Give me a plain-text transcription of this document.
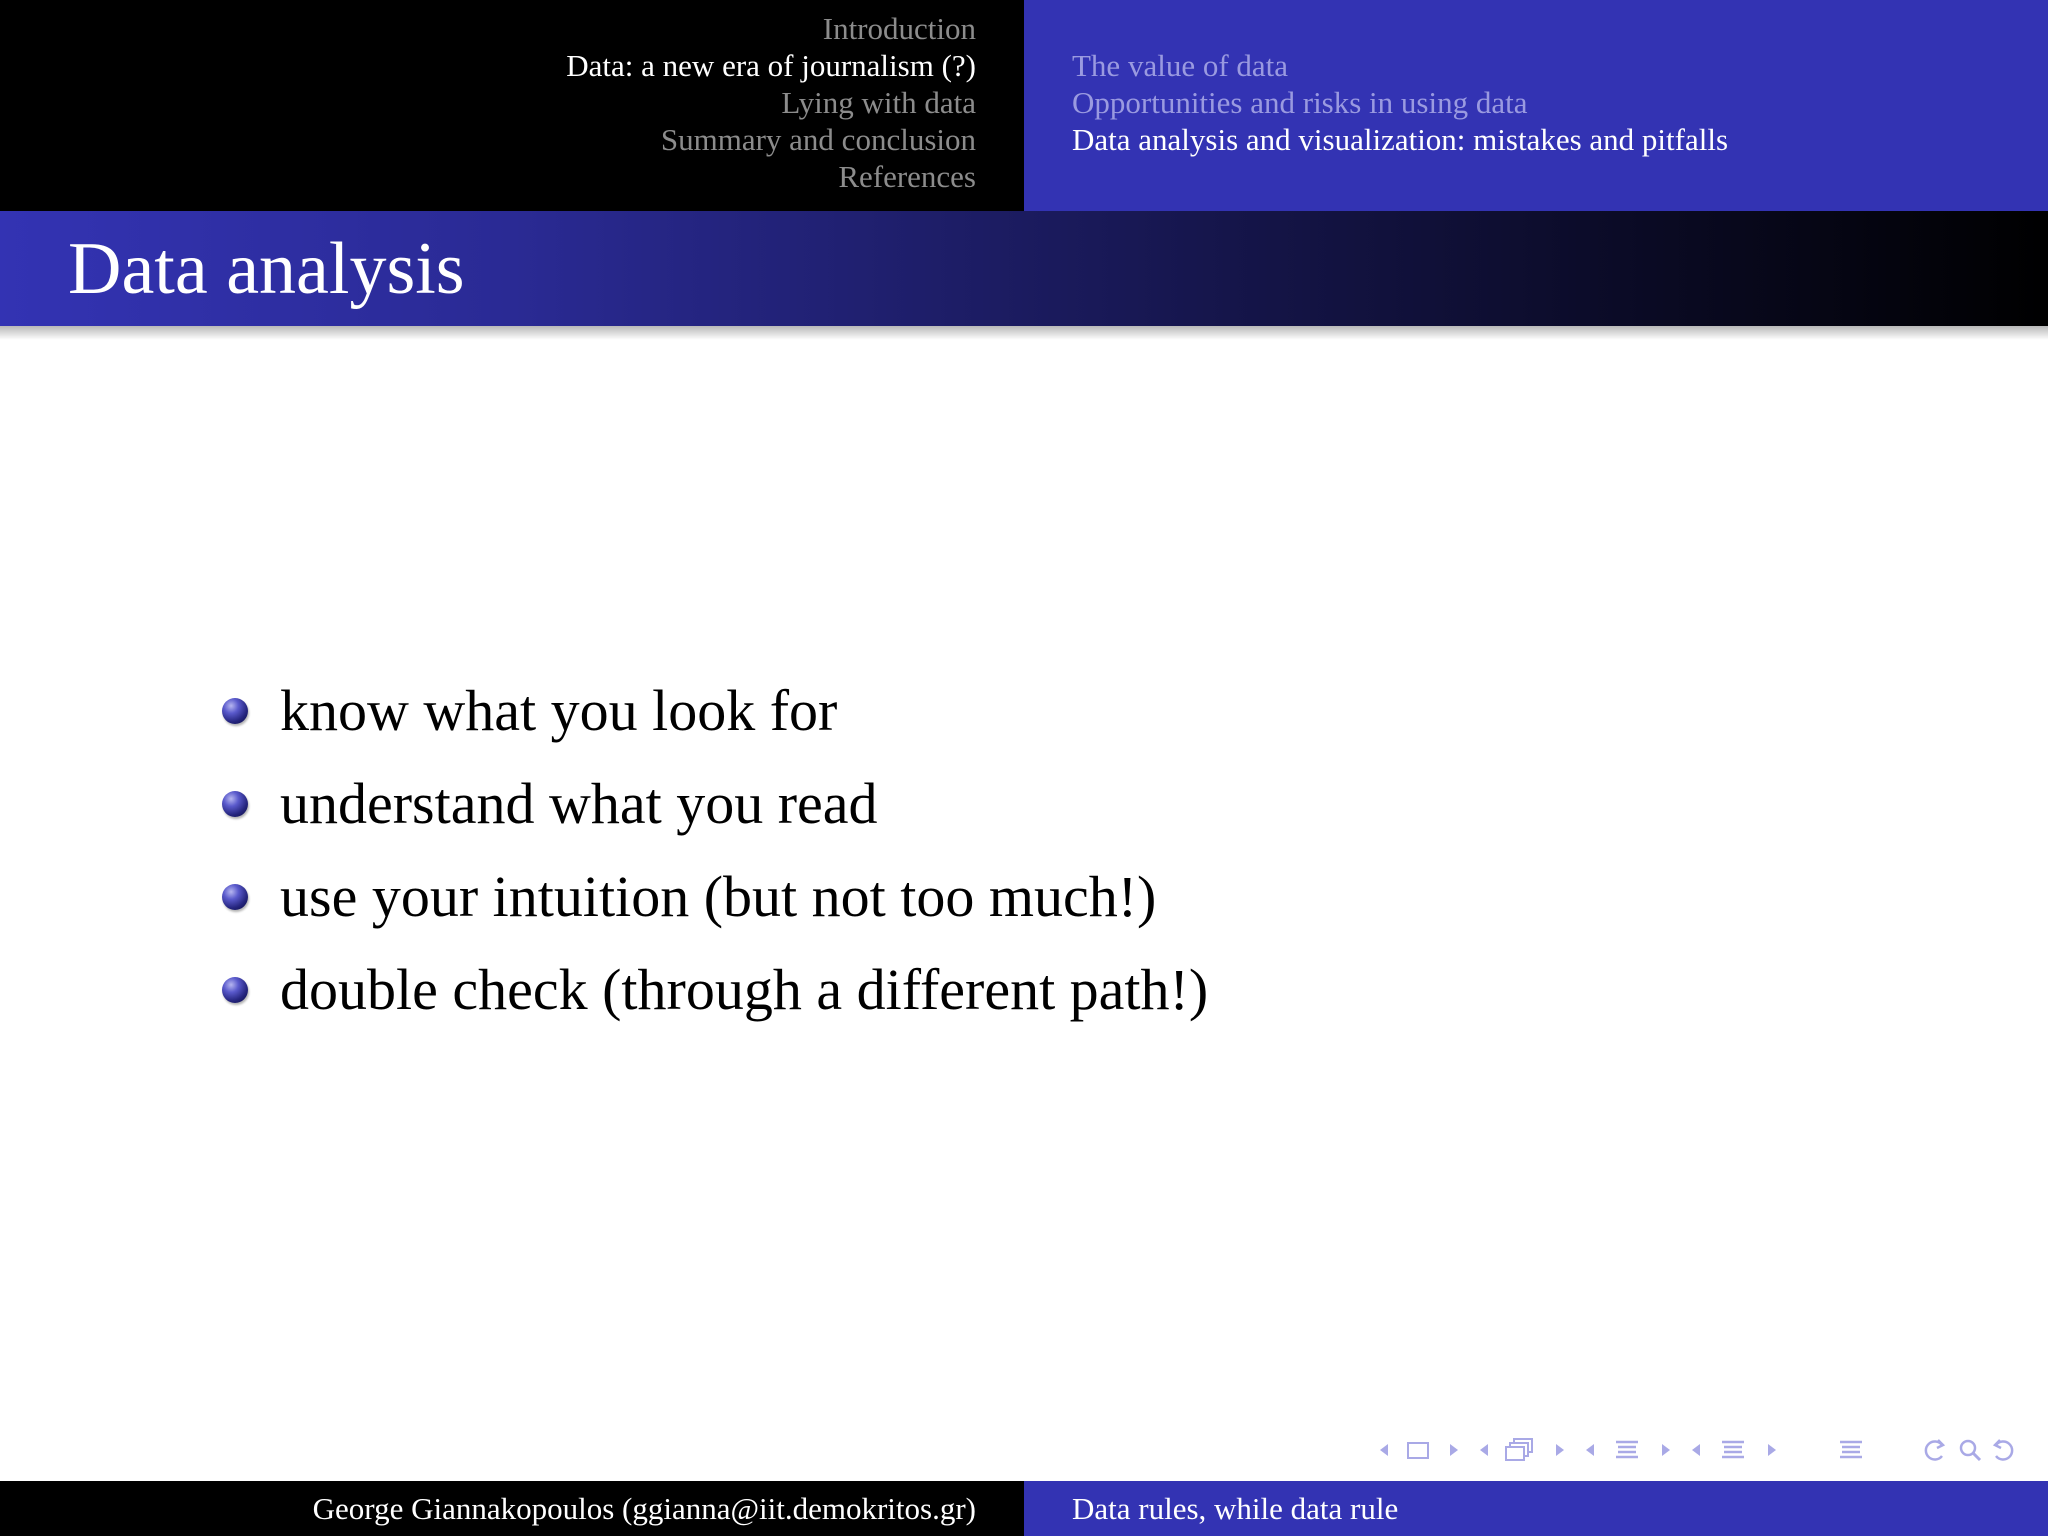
Introduction
Data: a new era of journalism (?)
Lying with data
Summary and conclusion
References
The value of data
Opportunities and risks in using data
Data analysis and visualization: mistakes and pitfalls
Data analysis
know what you look for
understand what you read
use your intuition (but not too much!)
double check (through a different path!)
George Giannakopoulos (ggianna@iit.demokritos.gr)	Data rules, while data rule
